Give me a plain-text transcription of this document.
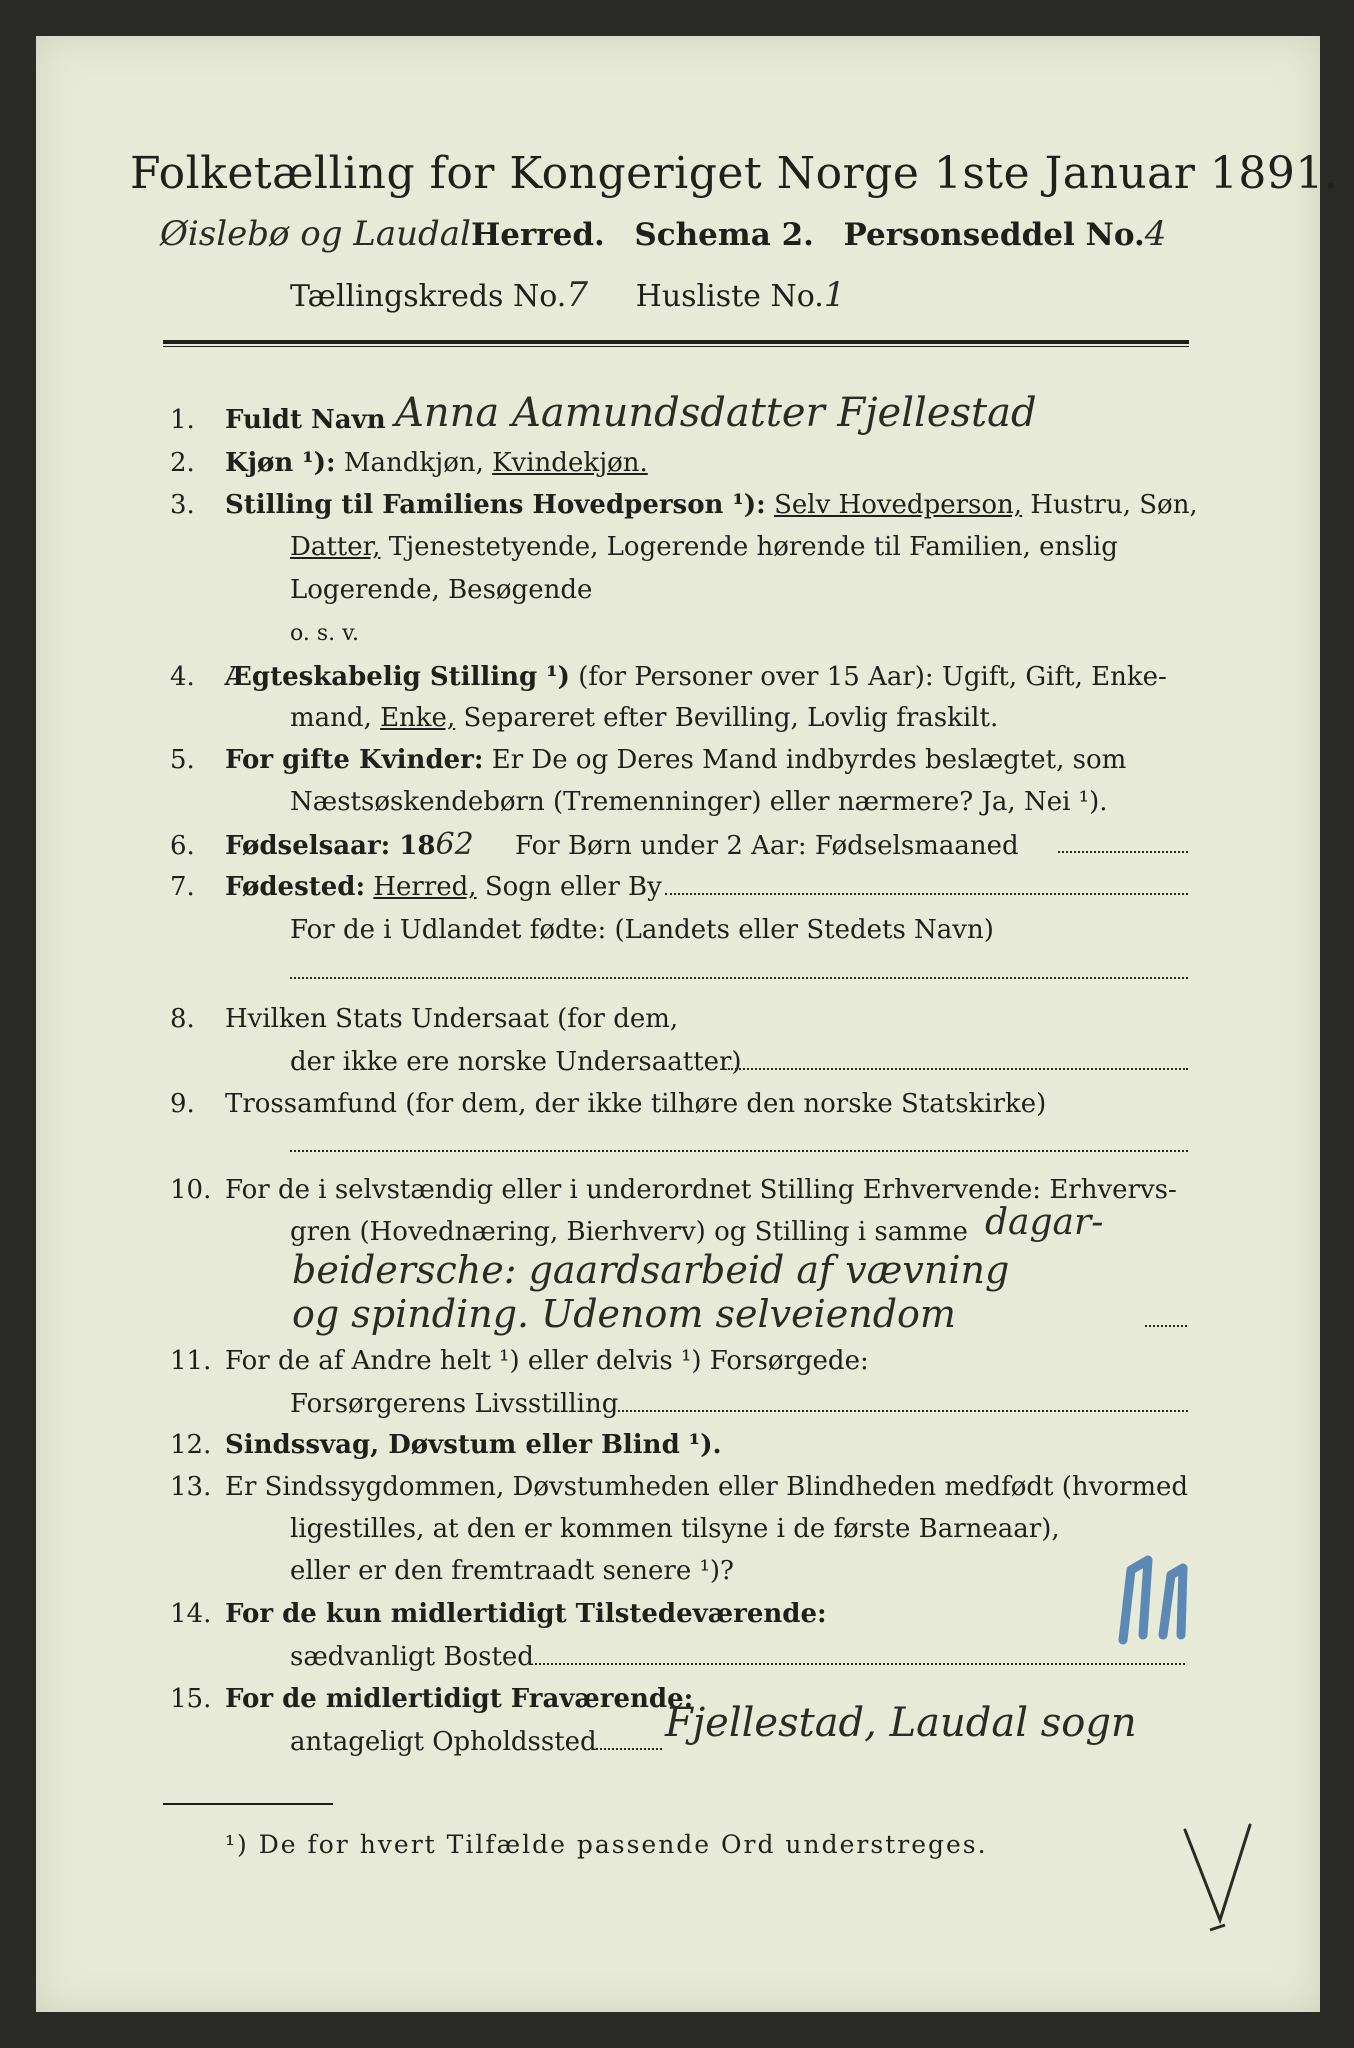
Folketælling for Kongeriget Norge 1ste Januar 1891.
Øislebø og LaudalHerred. Schema 2. Personseddel No.4
Tællingskreds No.7 Husliste No.1
1. Fuldt Navn Anna Aamundsdatter Fjellestad
2. Kjøn ¹): Mandkjøn, Kvindekjøn.
3. Stilling til Familiens Hovedperson ¹): Selv Hovedperson, Hustru, Søn,
Datter, Tjenestetyende, Logerende hørende til Familien, enslig
Logerende, Besøgende
o. s. v.
4. Ægteskabelig Stilling ¹) (for Personer over 15 Aar): Ugift, Gift, Enke-
mand, Enke, Separeret efter Bevilling, Lovlig fraskilt.
5. For gifte Kvinder: Er De og Deres Mand indbyrdes beslægtet, som
Næstsøskendebørn (Tremenninger) eller nærmere? Ja, Nei ¹).
6. Fødselsaar: 1862 For Børn under 2 Aar: Fødselsmaaned
7. Fødested: Herred, Sogn eller By
For de i Udlandet fødte: (Landets eller Stedets Navn)
8. Hvilken Stats Undersaat (for dem,
der ikke ere norske Undersaatter)
9. Trossamfund (for dem, der ikke tilhøre den norske Statskirke)
10. For de i selvstændig eller i underordnet Stilling Erhvervende: Erhvervs-
gren (Hovednæring, Bierhverv) og Stilling i samme dagar-
beidersche: gaardsarbeid af vævning
og spinding. Udenom selveiendom
11. For de af Andre helt ¹) eller delvis ¹) Forsørgede:
Forsørgerens Livsstilling
12. Sindssvag, Døvstum eller Blind ¹).
13. Er Sindssygdommen, Døvstumheden eller Blindheden medfødt (hvormed
ligestilles, at den er kommen tilsyne i de første Barneaar),
eller er den fremtraadt senere ¹)?
14. For de kun midlertidigt Tilstedeværende:
sædvanligt Bosted
15. For de midlertidigt Fraværende:
antageligt Opholdssted Fjellestad, Laudal sogn
¹) De for hvert Tilfælde passende Ord understreges.
